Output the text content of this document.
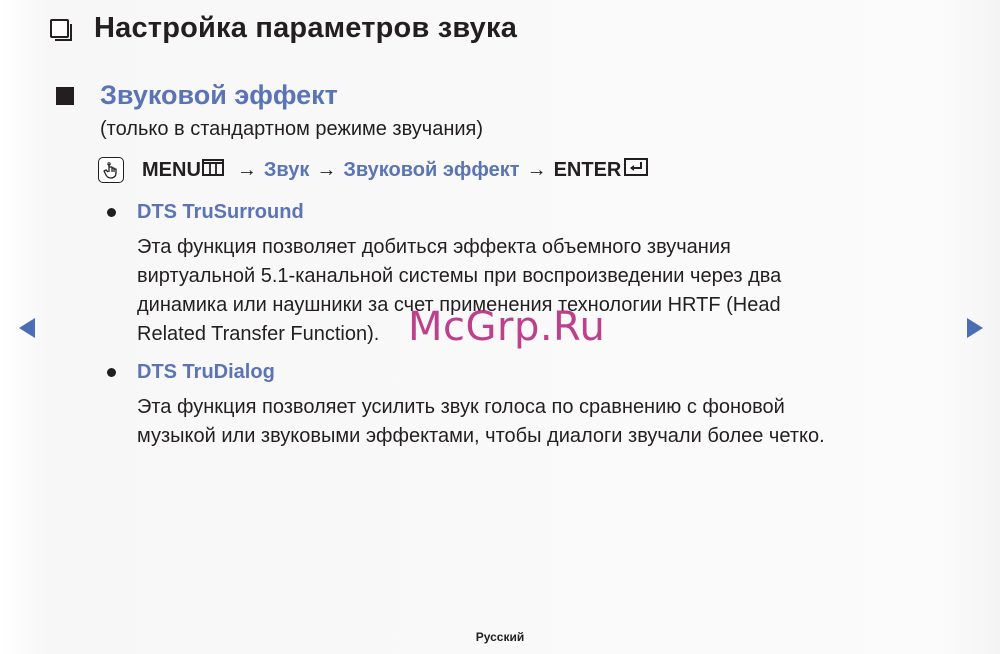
Настройка параметров звука
Звуковой эффект
(только в стандартном режиме звучания)
MENU → Звук → Звуковой эффект → ENTER
DTS TruSurround
Эта функция позволяет добиться эффекта объемного звучания
виртуальной 5.1-канальной системы при воспроизведении через два
динамика или наушники за счет применения технологии HRTF (Head
Related Transfer Function).
DTS TruDialog
Эта функция позволяет усилить звук голоса по сравнению с фоновой
музыкой или звуковыми эффектами, чтобы диалоги звучали более четко.
McGrp.Ru
Русский
